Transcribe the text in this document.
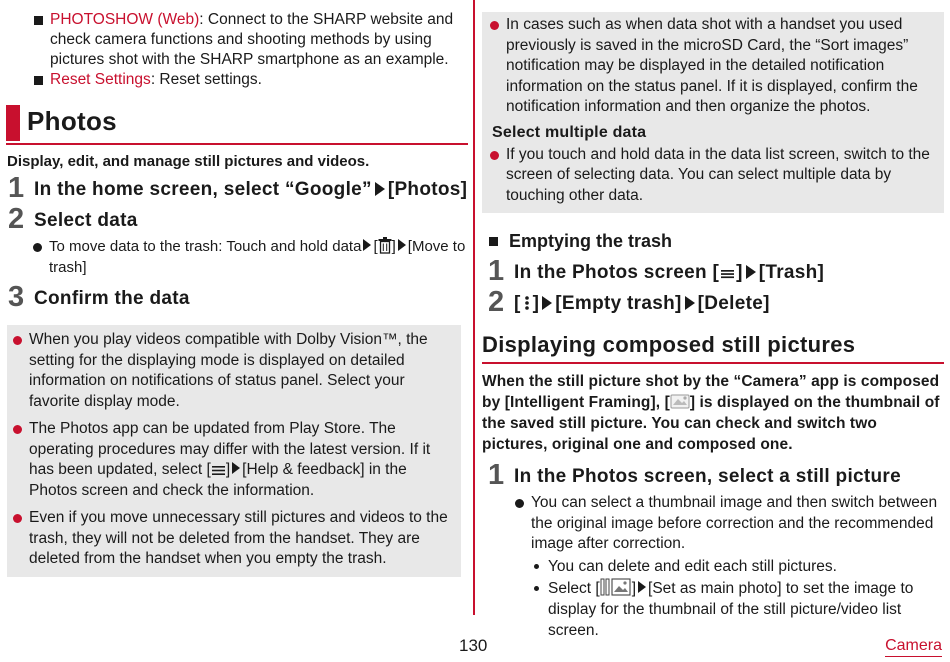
PHOTOSHOW (Web): Connect to the SHARP website and check camera functions and shooting methods by using pictures shot with the SHARP smartphone as an example.
Reset Settings: Reset settings.
Photos
Display, edit, and manage still pictures and videos.
1 In the home screen, select “Google” [Photos]
2 Select data
To move data to the trash: Touch and hold data [ ] [Move to trash]
3 Confirm the data
When you play videos compatible with Dolby Vision™, the setting for the displaying mode is displayed on detailed information on notifications of status panel. Select your favorite display mode.
The Photos app can be updated from Play Store. The operating procedures may differ with the latest version. If it has been updated, select [ ] [Help & feedback] in the Photos screen and check the information.
Even if you move unnecessary still pictures and videos to the trash, they will not be deleted from the handset. They are deleted from the handset when you empty the trash.
In cases such as when data shot with a handset you used previously is saved in the microSD Card, the “Sort images” notification may be displayed in the detailed notification information on the status panel. If it is displayed, confirm the notification information and then organize the photos.
Select multiple data
If you touch and hold data in the data list screen, switch to the screen of selecting data. You can select multiple data by touching other data.
Emptying the trash
1 In the Photos screen [ ] [Trash]
2 [ ] [Empty trash] [Delete]
Displaying composed still pictures
When the still picture shot by the “Camera” app is composed by [Intelligent Framing], [ ] is displayed on the thumbnail of the saved still picture. You can check and switch two pictures, original one and composed one.
1 In the Photos screen, select a still picture
You can select a thumbnail image and then switch between the original image before correction and the recommended image after correction.
You can delete and edit each still pictures.
Select [ ] [Set as main photo] to set the image to display for the thumbnail of the still picture/video list screen.
130	Camera
